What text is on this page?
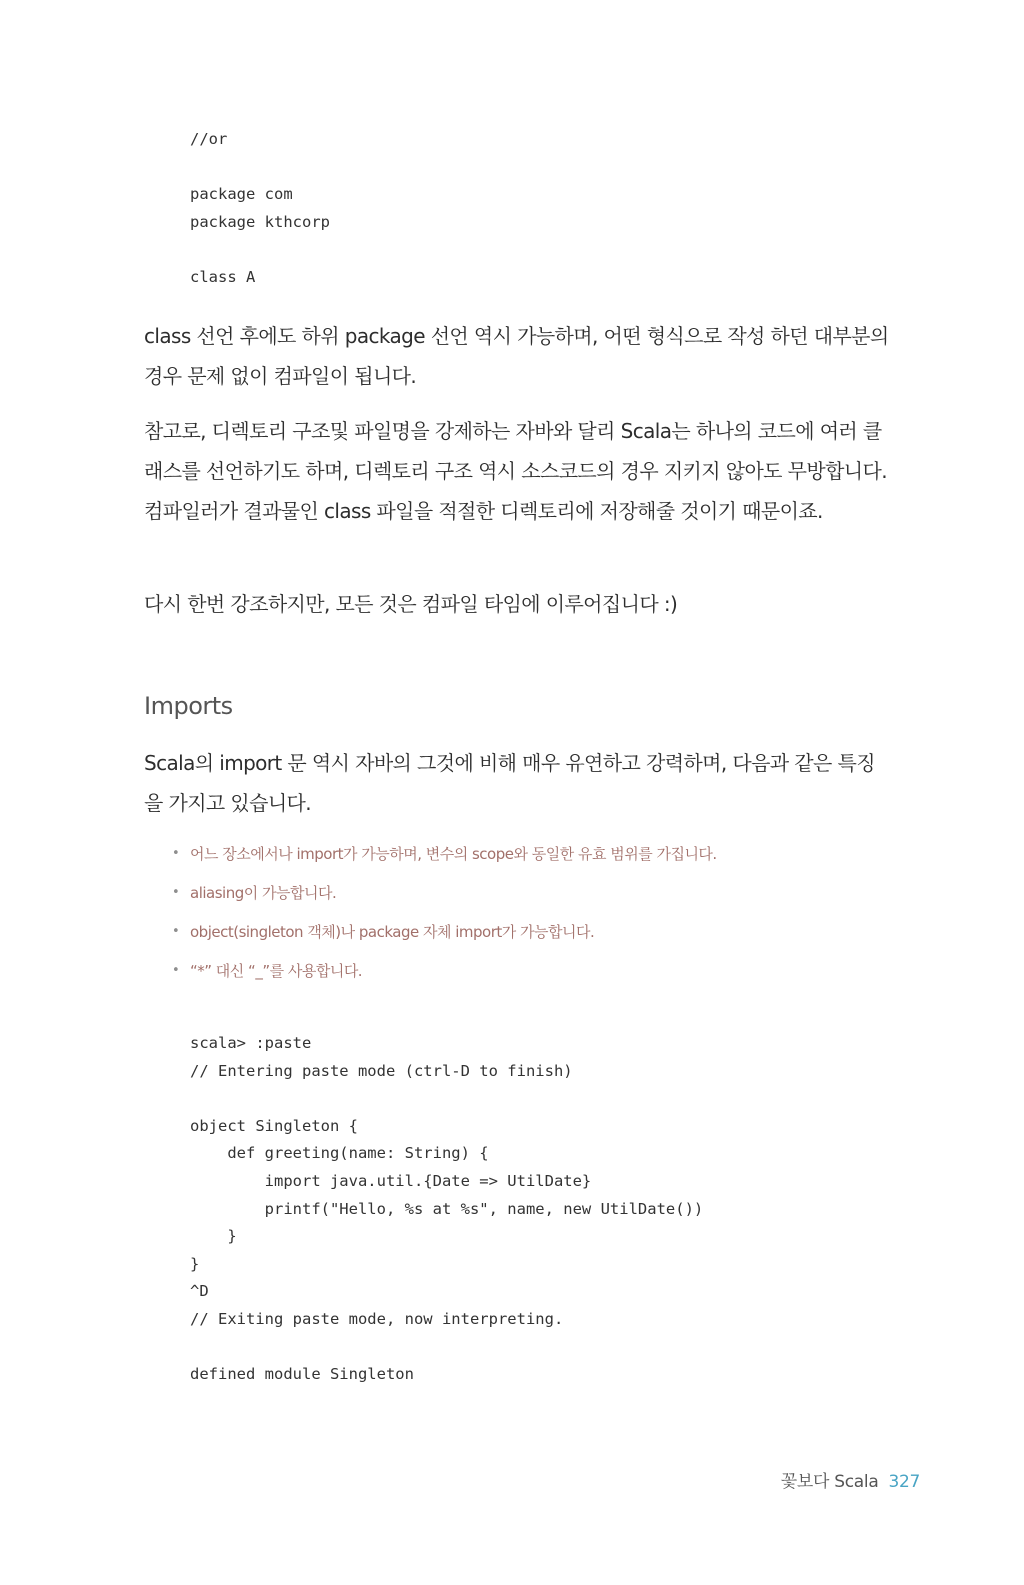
//or

package com
package kthcorp

class A

class 선언 후에도 하위 package 선언 역시 가능하며, 어떤 형식으로 작성 하던 대부분의 경우 문제 없이 컴파일이 됩니다.

참고로, 디렉토리 구조및 파일명을 강제하는 자바와 달리 Scala는 하나의 코드에 여러 클래스를 선언하기도 하며, 디렉토리 구조 역시 소스코드의 경우 지키지 않아도 무방합니다. 컴파일러가 결과물인 class 파일을 적절한 디렉토리에 저장해줄 것이기 때문이죠.

다시 한번 강조하지만, 모든 것은 컴파일 타임에 이루어집니다 :)

Imports

Scala의 import 문 역시 자바의 그것에 비해 매우 유연하고 강력하며, 다음과 같은 특징을 가지고 있습니다.

• 어느 장소에서나 import가 가능하며, 변수의 scope와 동일한 유효 범위를 가집니다.
• aliasing이 가능합니다.
• object(singleton 객체)나 package 자체 import가 가능합니다.
• “*” 대신 “_”를 사용합니다.
scala> :paste
// Entering paste mode (ctrl-D to finish)

object Singleton {
def greeting(name: String) {
import java.util.{Date => UtilDate}
printf("Hello, %s at %s", name, new UtilDate())
}
}
^D
// Exiting paste mode, now interpreting.

defined module Singleton
꽃보다 Scala 327
